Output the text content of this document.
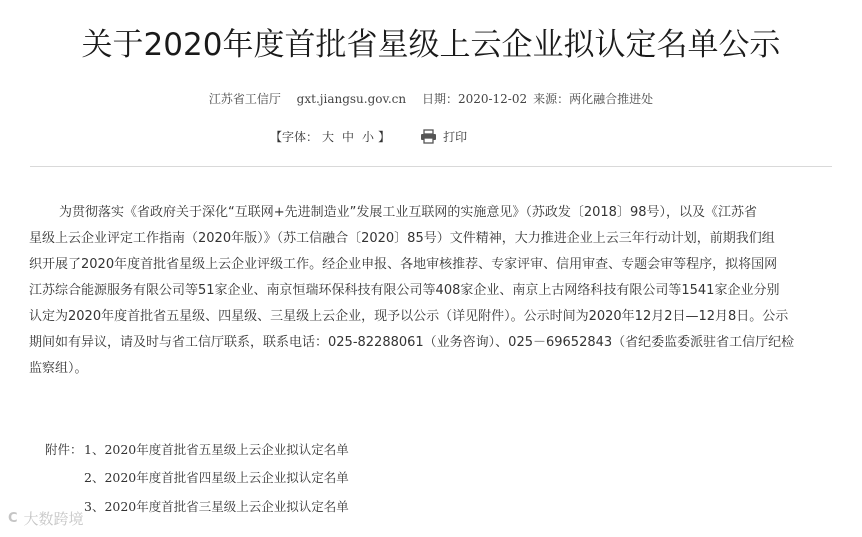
关于2020年度首批省星级上云企业拟认定名单公示
江苏省工信厅 gxt.jiangsu.gov.cn 日期：2020-12-02 来源：两化融合推进处
【字体： 大 中 小 】	打印
为贯彻落实《省政府关于深化“互联网+先进制造业”发展工业互联网的实施意见》（苏政发〔2018〕98号），以及《江苏省
星级上云企业评定工作指南（2020年版）》（苏工信融合〔2020〕85号）文件精神，大力推进企业上云三年行动计划，前期我们组
织开展了2020年度首批省星级上云企业评级工作。经企业申报、各地审核推荐、专家评审、信用审查、专题会审等程序，拟将国网
江苏综合能源服务有限公司等51家企业、南京恒瑞环保科技有限公司等408家企业、南京上古网络科技有限公司等1541家企业分别
认定为2020年度首批省五星级、四星级、三星级上云企业，现予以公示（详见附件）。公示时间为2020年12月2日—12月8日。公示
期间如有异议，请及时与省工信厅联系，联系电话：025-82288061（业务咨询）、025－69652843（省纪委监委派驻省工信厅纪检
监察组）。
附件： 1、2020年度首批省五星级上云企业拟认定名单
2、2020年度首批省四星级上云企业拟认定名单
3、2020年度首批省三星级上云企业拟认定名单
C 大数跨境
